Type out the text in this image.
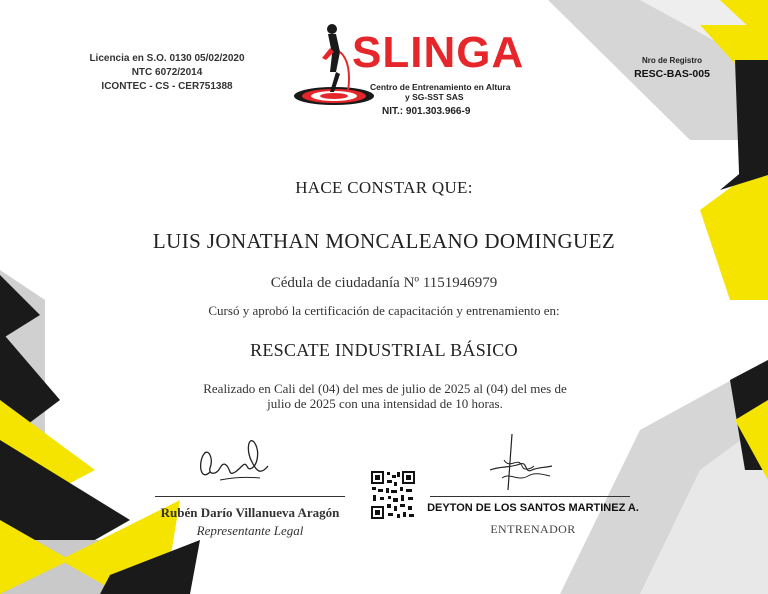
Licencia en S.O. 0130 05/02/2020
NTC 6072/2014
ICONTEC - CS - CER751388
Nro de Registro
RESC-BAS-005
SLINGA
Centro de Entrenamiento en Altura
y SG-SST SAS
NIT.: 901.303.966-9
HACE CONSTAR QUE:
LUIS JONATHAN MONCALEANO DOMINGUEZ
Cédula de ciudadanía Nº 1151946979
Cursó y aprobó la certificación de capacitación y entrenamiento en:
RESCATE INDUSTRIAL BÁSICO
Realizado en Cali del (04) del mes de julio de 2025 al (04) del mes de
julio de 2025 con una intensidad de 10 horas.
Rubén Darío Villanueva Aragón
Representante Legal
DEYTON DE LOS SANTOS MARTINEZ A.
ENTRENADOR
